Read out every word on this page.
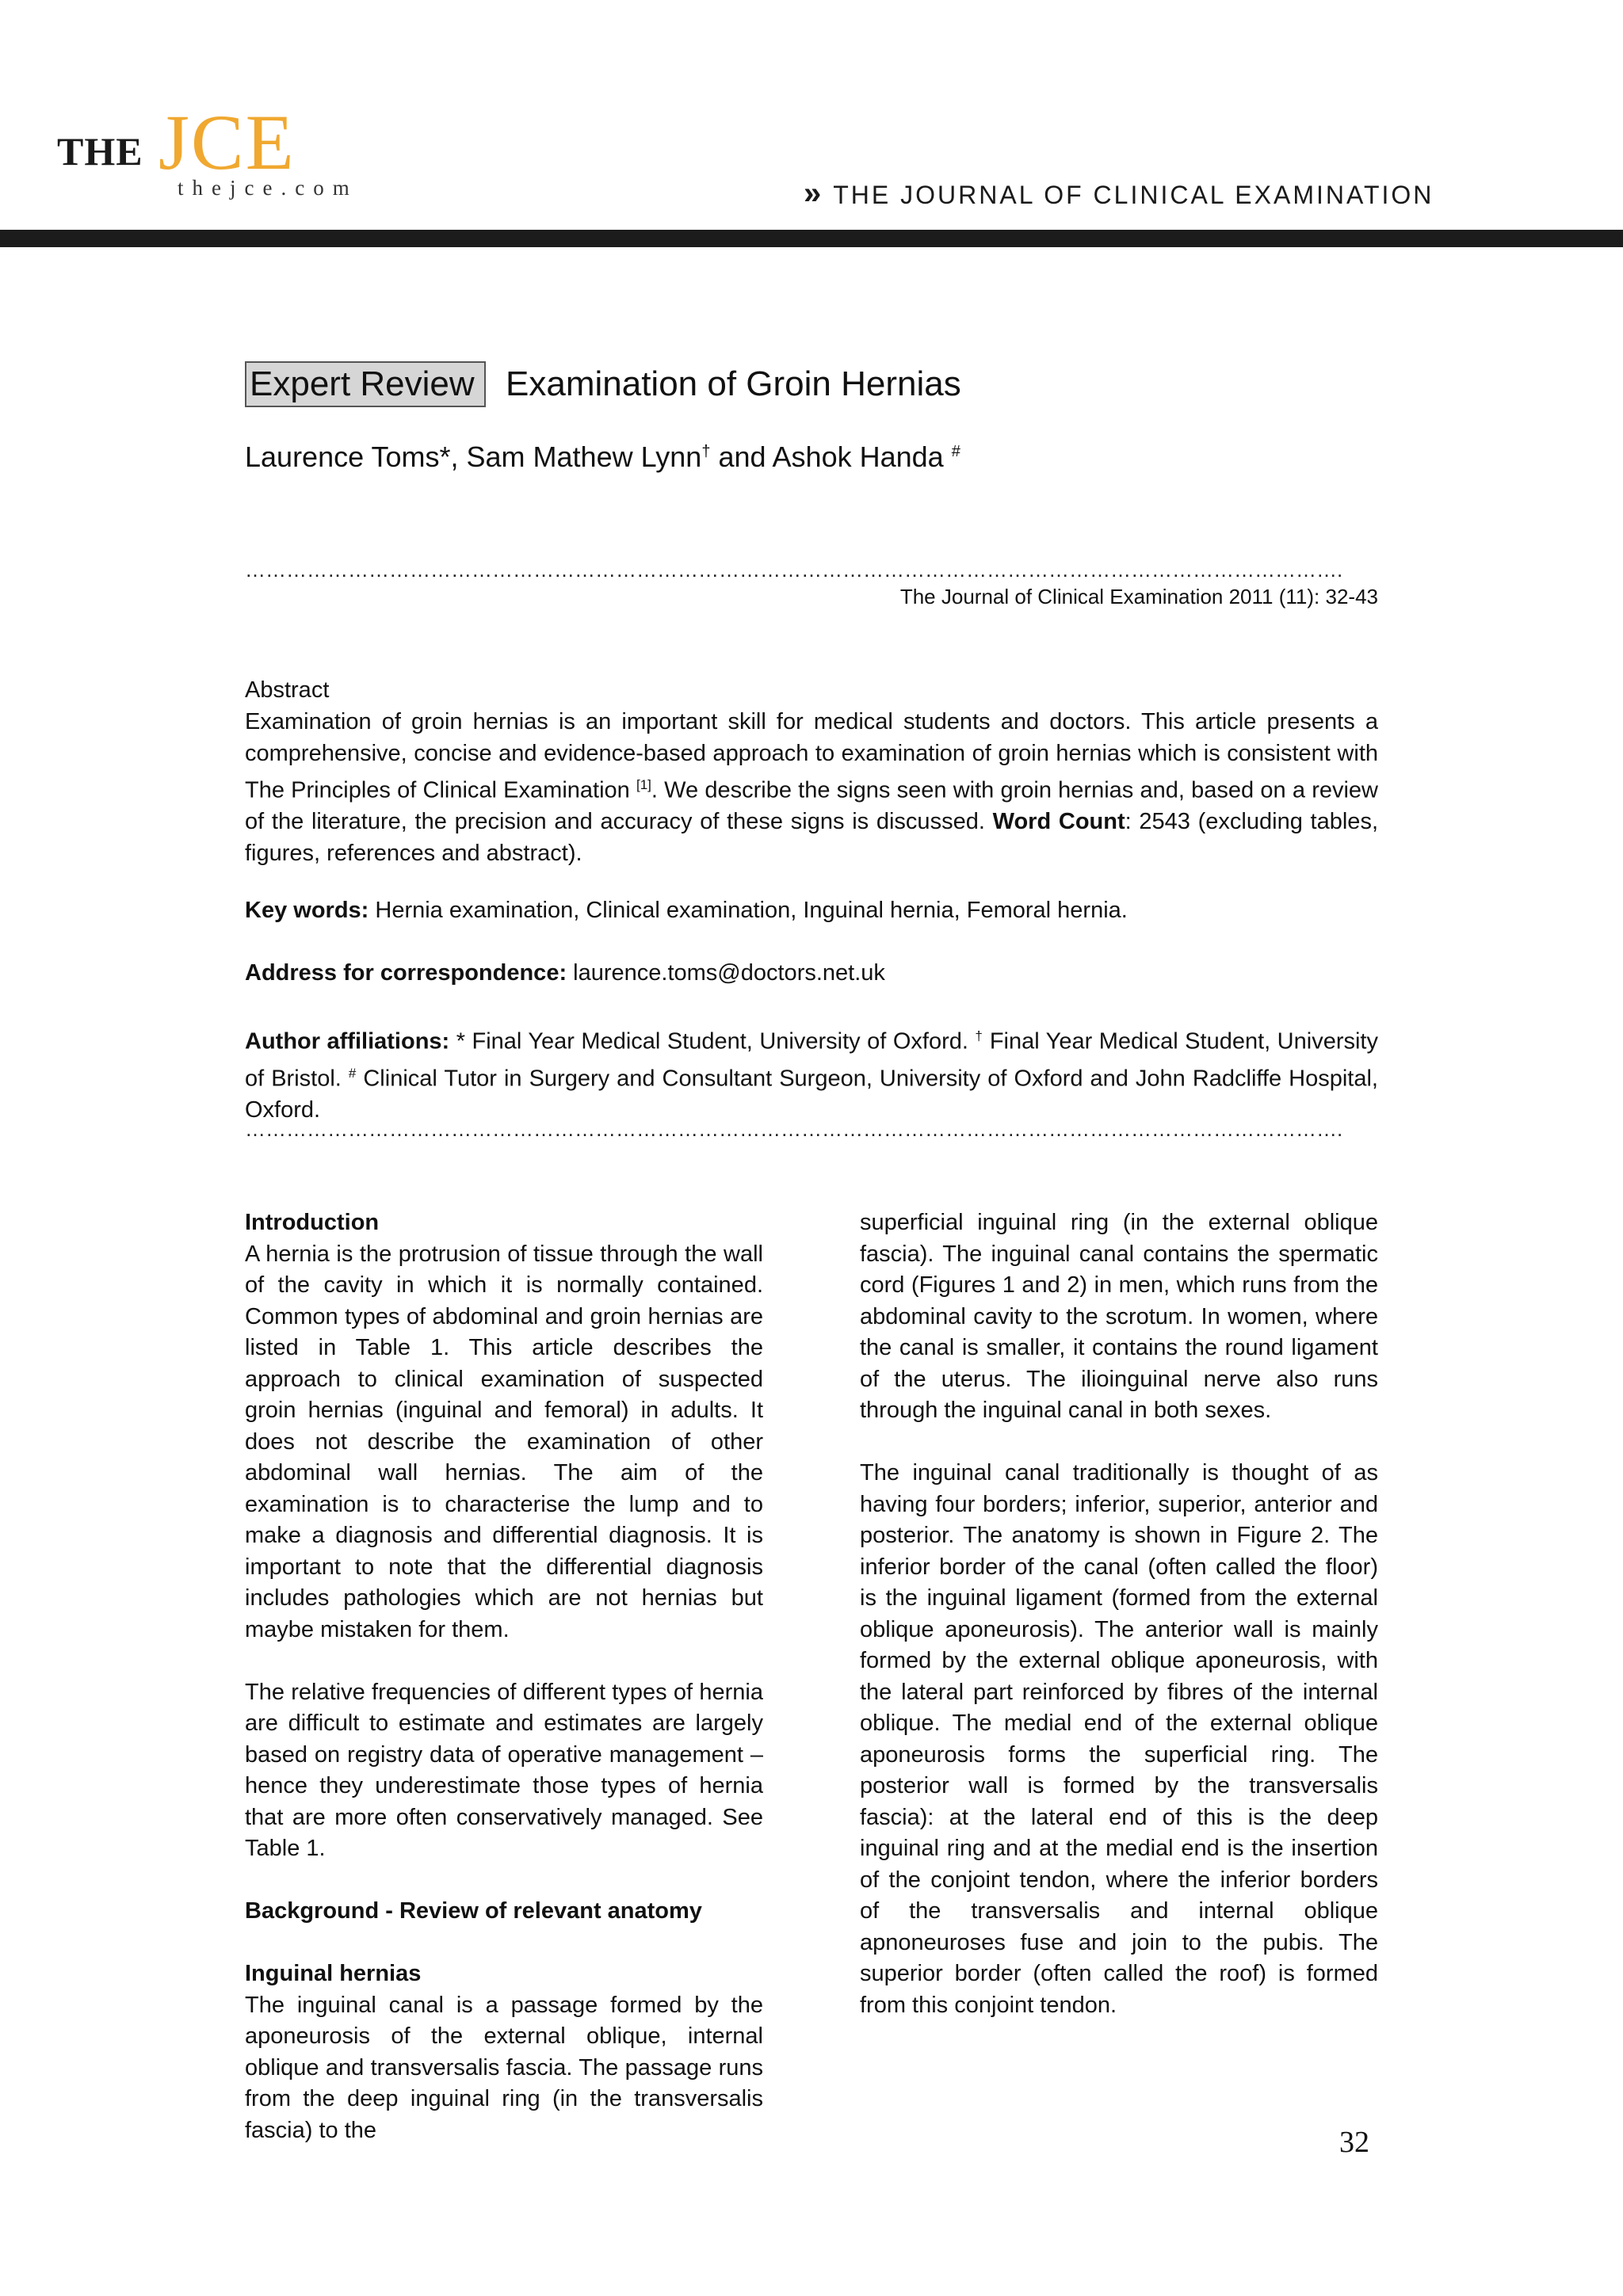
THE JCE
thejce.com	» THE JOURNAL OF CLINICAL EXAMINATION
Expert Review Examination of Groin Hernias
Laurence Toms*, Sam Mathew Lynn† and Ashok Handa #
…………………………………………………………………………………………………………………………………………….
The Journal of Clinical Examination 2011 (11): 32-43
Abstract
Examination of groin hernias is an important skill for medical students and doctors. This article presents a comprehensive, concise and evidence-based approach to examination of groin hernias which is consistent with The Principles of Clinical Examination [1]. We describe the signs seen with groin hernias and, based on a review of the literature, the precision and accuracy of these signs is discussed. Word Count: 2543 (excluding tables, figures, references and abstract).
Key words: Hernia examination, Clinical examination, Inguinal hernia, Femoral hernia.
Address for correspondence: laurence.toms@doctors.net.uk
Author affiliations: * Final Year Medical Student, University of Oxford. † Final Year Medical Student, University of Bristol. # Clinical Tutor in Surgery and Consultant Surgeon, University of Oxford and John Radcliffe Hospital, Oxford.
…………………………………………………………………………………………………………………………………………….
Introduction
A hernia is the protrusion of tissue through the wall of the cavity in which it is normally contained. Common types of abdominal and groin hernias are listed in Table 1. This article describes the approach to clinical examination of suspected groin hernias (inguinal and femoral) in adults. It does not describe the examination of other abdominal wall hernias. The aim of the examination is to characterise the lump and to make a diagnosis and differential diagnosis. It is important to note that the differential diagnosis includes pathologies which are not hernias but maybe mistaken for them.
The relative frequencies of different types of hernia are difficult to estimate and estimates are largely based on registry data of operative management – hence they underestimate those types of hernia that are more often conservatively managed. See Table 1.
Background - Review of relevant anatomy
Inguinal hernias
The inguinal canal is a passage formed by the aponeurosis of the external oblique, internal oblique and transversalis fascia. The passage runs from the deep inguinal ring (in the transversalis fascia) to the
superficial inguinal ring (in the external oblique fascia). The inguinal canal contains the spermatic cord (Figures 1 and 2) in men, which runs from the abdominal cavity to the scrotum. In women, where the canal is smaller, it contains the round ligament of the uterus. The ilioinguinal nerve also runs through the inguinal canal in both sexes.
The inguinal canal traditionally is thought of as having four borders; inferior, superior, anterior and posterior. The anatomy is shown in Figure 2. The inferior border of the canal (often called the floor) is the inguinal ligament (formed from the external oblique aponeurosis). The anterior wall is mainly formed by the external oblique aponeurosis, with the lateral part reinforced by fibres of the internal oblique. The medial end of the external oblique aponeurosis forms the superficial ring. The posterior wall is formed by the transversalis fascia): at the lateral end of this is the deep inguinal ring and at the medial end is the insertion of the conjoint tendon, where the inferior borders of the transversalis and internal oblique apnoneuroses fuse and join to the pubis. The superior border (often called the roof) is formed from this conjoint tendon.
32
